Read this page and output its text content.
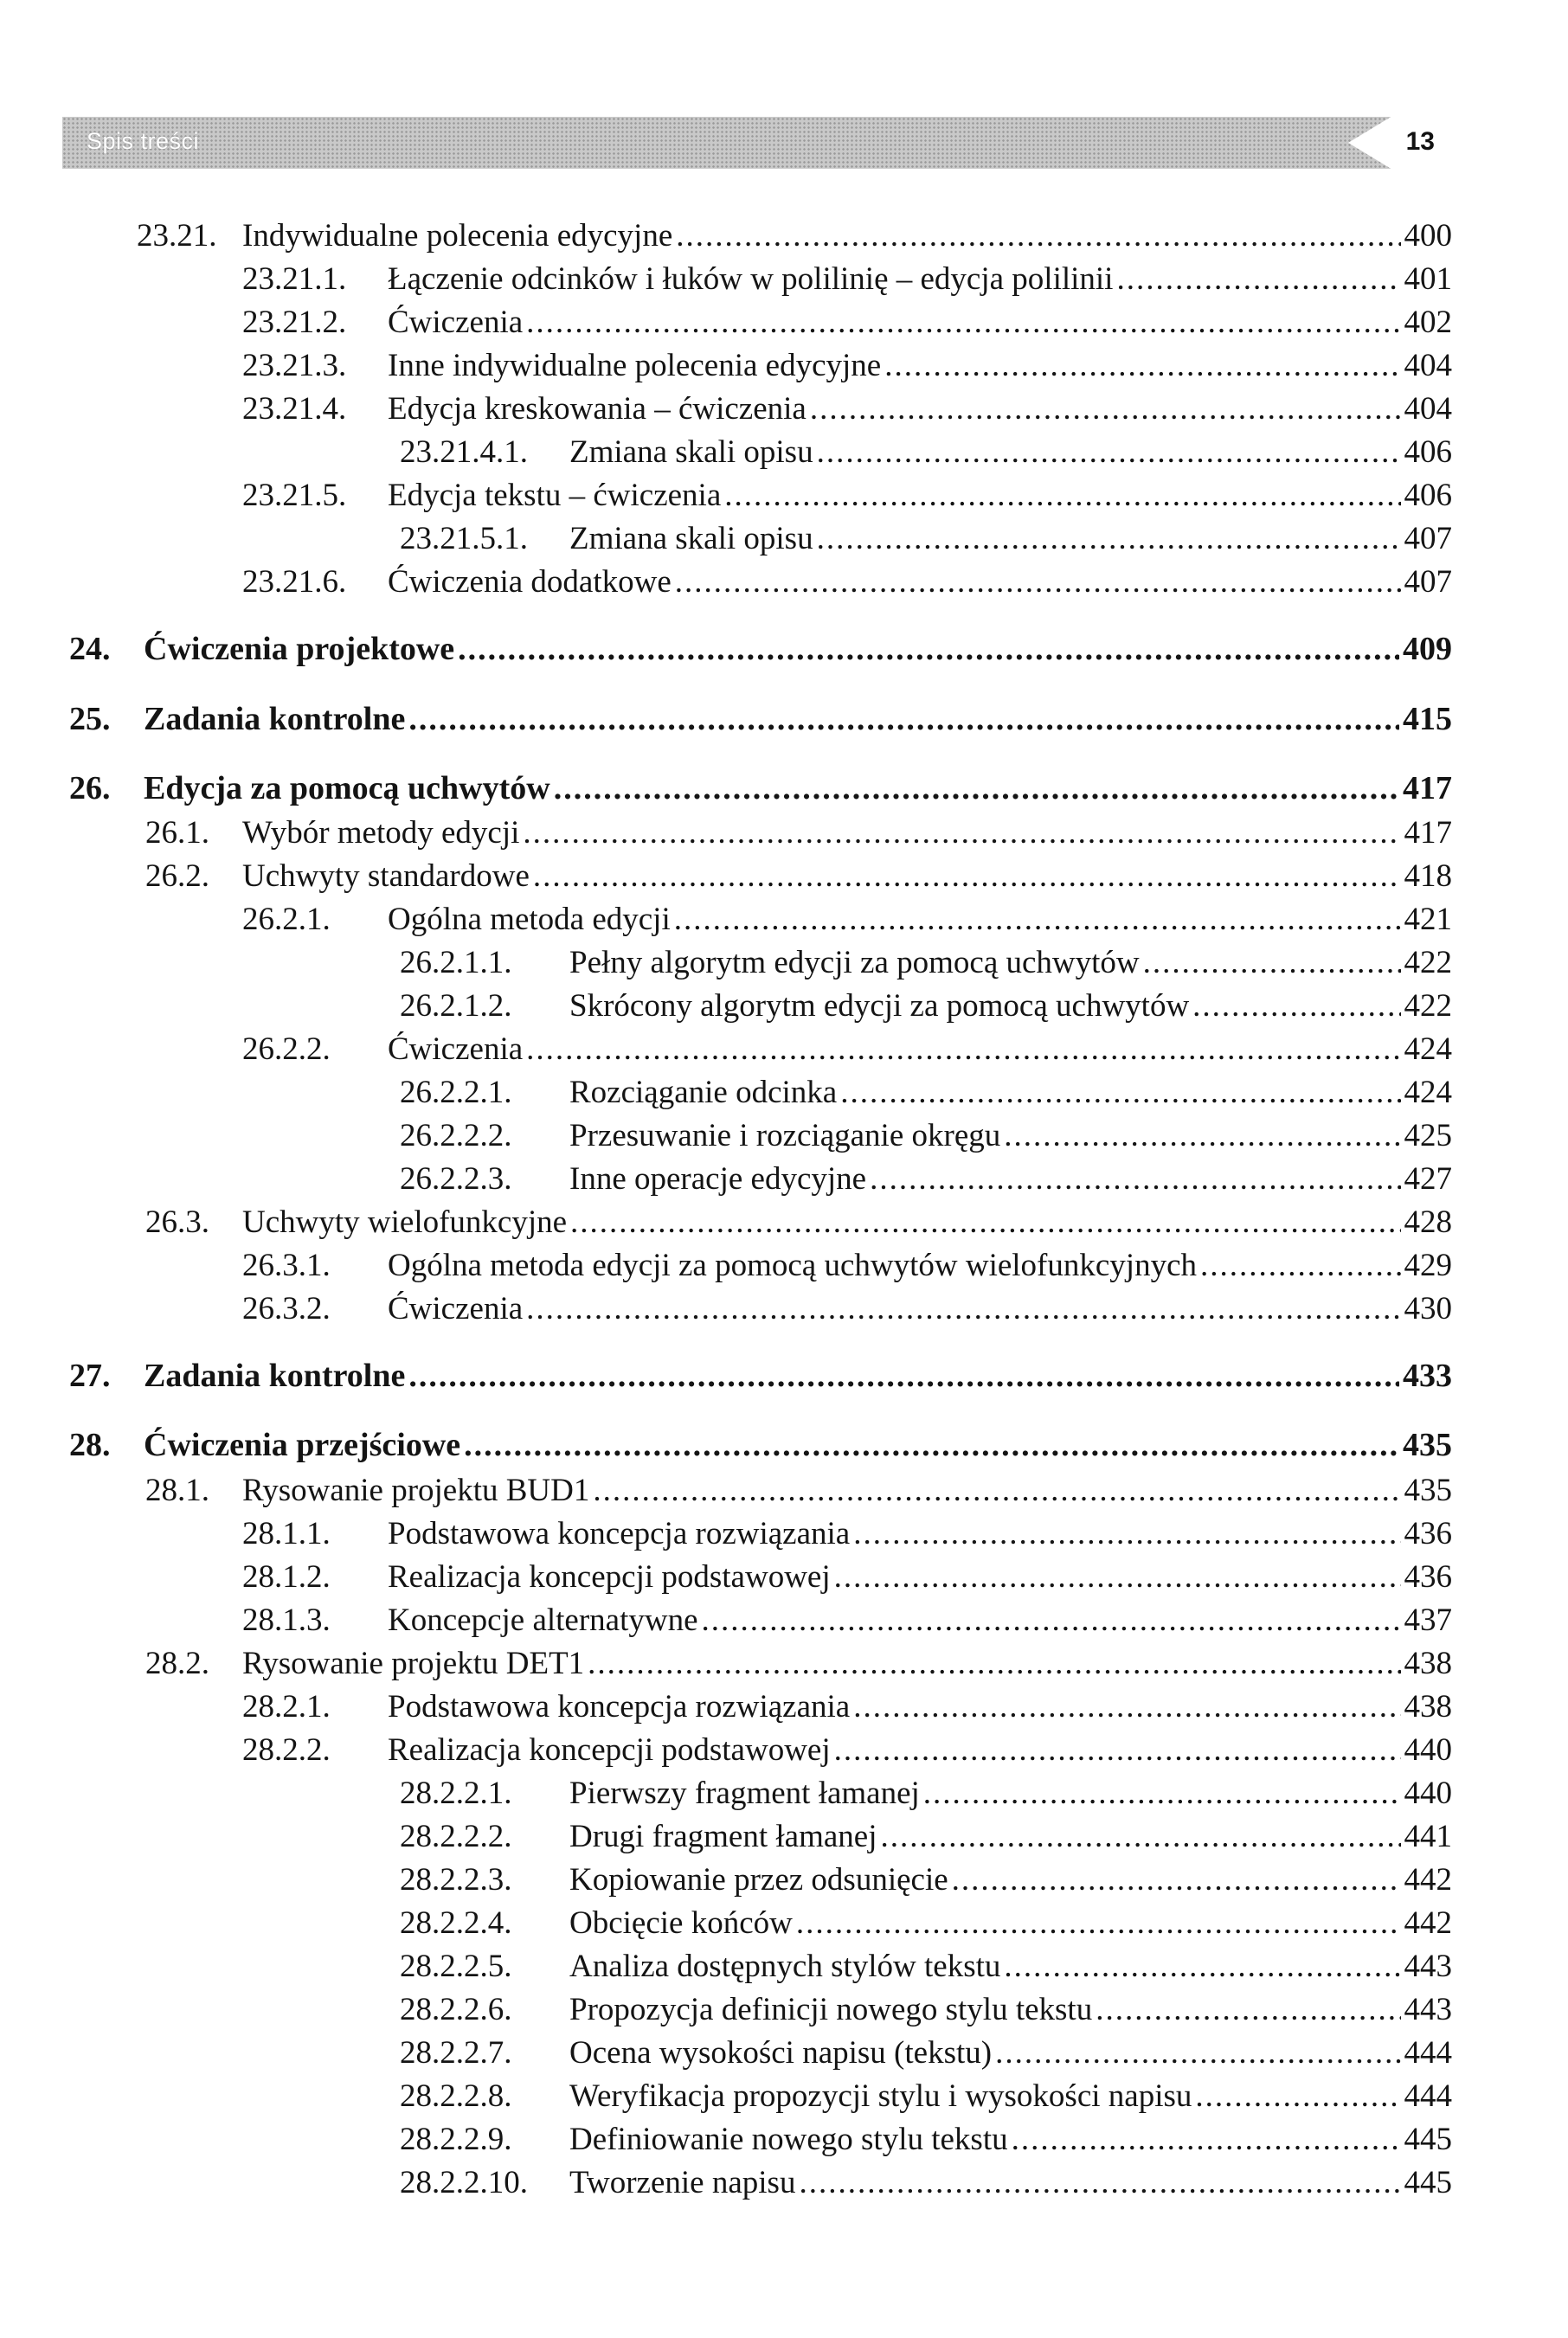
Spis treści	13
23.21. Indywidualne polecenia edycyjne .....	400
23.21.1.	Łączenie odcinków i łuków w polilinię – edycja polilinii .....	401
23.21.2.	Ćwiczenia .....	402
23.21.3.	Inne indywidualne polecenia edycyjne .....	404
23.21.4.	Edycja kreskowania – ćwiczenia .....	404
23.21.4.1.	Zmiana skali opisu .....	406
23.21.5.	Edycja tekstu – ćwiczenia .....	406
23.21.5.1.	Zmiana skali opisu .....	407
23.21.6.	Ćwiczenia dodatkowe .....	407
24.	Ćwiczenia projektowe .....	409
25.	Zadania kontrolne .....	415
26.	Edycja za pomocą uchwytów .....	417
26.1.	Wybór metody edycji .....	417
26.2.	Uchwyty standardowe .....	418
26.2.1.	Ogólna metoda edycji .....	421
26.2.1.1.	Pełny algorytm edycji za pomocą uchwytów .....	422
26.2.1.2.	Skrócony algorytm edycji za pomocą uchwytów .....	422
26.2.2.	Ćwiczenia .....	424
26.2.2.1.	Rozciąganie odcinka .....	424
26.2.2.2.	Przesuwanie i rozciąganie okręgu .....	425
26.2.2.3.	Inne operacje edycyjne .....	427
26.3.	Uchwyty wielofunkcyjne .....	428
26.3.1.	Ogólna metoda edycji za pomocą uchwytów wielofunkcyjnych .....	429
26.3.2.	Ćwiczenia .....	430
27.	Zadania kontrolne .....	433
28.	Ćwiczenia przejściowe .....	435
28.1.	Rysowanie projektu BUD1 .....	435
28.1.1.	Podstawowa koncepcja rozwiązania .....	436
28.1.2.	Realizacja koncepcji podstawowej .....	436
28.1.3.	Koncepcje alternatywne .....	437
28.2.	Rysowanie projektu DET1 .....	438
28.2.1.	Podstawowa koncepcja rozwiązania .....	438
28.2.2.	Realizacja koncepcji podstawowej .....	440
28.2.2.1.	Pierwszy fragment łamanej .....	440
28.2.2.2.	Drugi fragment łamanej .....	441
28.2.2.3.	Kopiowanie przez odsunięcie .....	442
28.2.2.4.	Obcięcie końców .....	442
28.2.2.5.	Analiza dostępnych stylów tekstu .....	443
28.2.2.6.	Propozycja definicji nowego stylu tekstu .....	443
28.2.2.7.	Ocena wysokości napisu (tekstu) .....	444
28.2.2.8.	Weryfikacja propozycji stylu i wysokości napisu .....	444
28.2.2.9.	Definiowanie nowego stylu tekstu .....	445
28.2.2.10.	Tworzenie napisu .....	445
